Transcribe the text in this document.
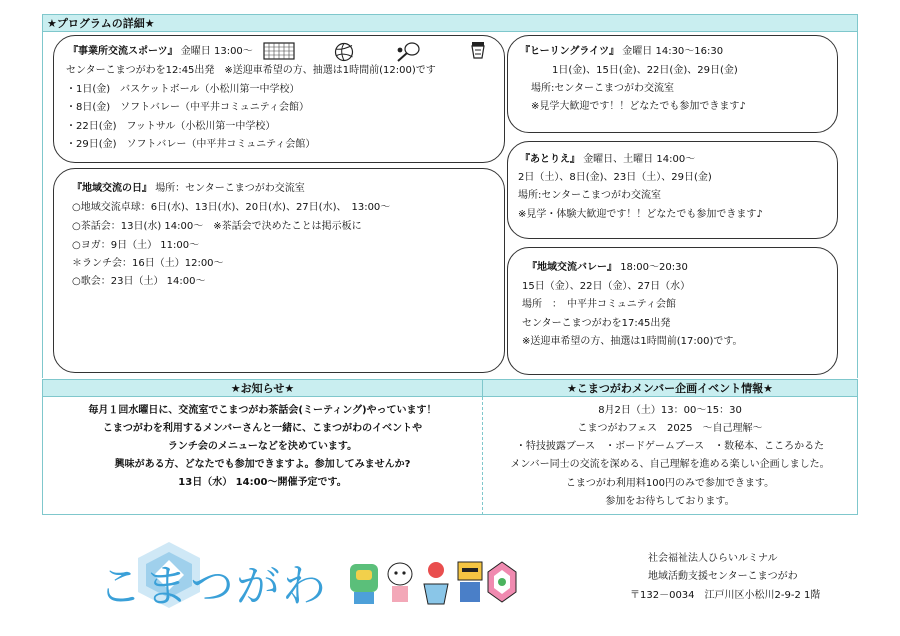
★プログラムの詳細★
『事業所交流スポーツ』 金曜日 13:00～
センターこまつがわを12:45出発　※送迎車希望の方、抽選は1時間前(12:00)です
・1日(金)　バスケットボール（小松川第一中学校）
・8日(金)　ソフトバレー（中平井コミュニティ会館）
・22日(金)　フットサル（小松川第一中学校）
・29日(金)　ソフトバレー（中平井コミュニティ会館）
『地域交流の日』 場所：センターこまつがわ交流室
○地域交流卓球：6日(水)、13日(水)、20日(水)、27日(水)、　13:00～
○茶話会：13日(水) 14:00～　※茶話会で決めたことは掲示板に
○ヨガ：9日（土） 11:00～
＊ランチ会：16日（土）12:00～
○歌会：23日（土） 14:00～
『ヒーリングライツ』 金曜日 14:30～16:30
1日(金)、15日(金)、22日(金)、29日(金)
場所:センターこまつがわ交流室
※見学大歓迎です！！どなたでも参加できます♪
『あとりえ』 金曜日、土曜日 14:00～
2日（土）、8日(金)、23日（土）、29日(金)
場所:センターこまつがわ交流室
※見学・体験大歓迎です！！どなたでも参加できます♪
『地域交流バレー』 18:00～20:30
15日（金）、22日（金）、27日（水）
場所　：　中平井コミュニティ会館
センターこまつがわを17:45出発
※送迎車希望の方、抽選は1時間前(17:00)です。
★お知らせ★	★こまつがわメンバー企画イベント情報★
毎月１回水曜日に、交流室でこまつがわ茶話会(ミーティング)やっています！
こまつがわを利用するメンバーさんと一緒に、こまつがわのイベントや
ランチ会のメニューなどを決めています。
興味がある方、どなたでも参加できますよ。参加してみませんか?
13日（水） 14:00～開催予定です。
8月2日（土）13：00～15：30
こまつがわフェス　2025　～自己理解～
・特技披露ブース　・ボードゲームブース　・数秘本、こころかるた
メンバー同士の交流を深める、自己理解を進める楽しい企画しました。
こまつがわ利用料100円のみで参加できます。
参加をお待ちしております。
こまつがわ
社会福祉法人ひらいルミナル
地域活動支援センターこまつがわ
〒132－0034　江戸川区小松川2-9-2 1階
